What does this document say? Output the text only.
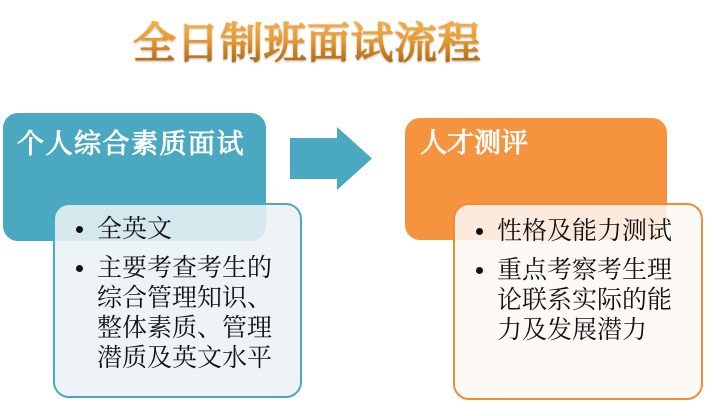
全日制班面试流程
个人综合素质面试	人才测评
• 全英文
• 主要考查考生的综合管理知识、整体素质、管理潜质及英文水平
• 性格及能力测试
• 重点考察考生理论联系实际的能力及发展潜力
